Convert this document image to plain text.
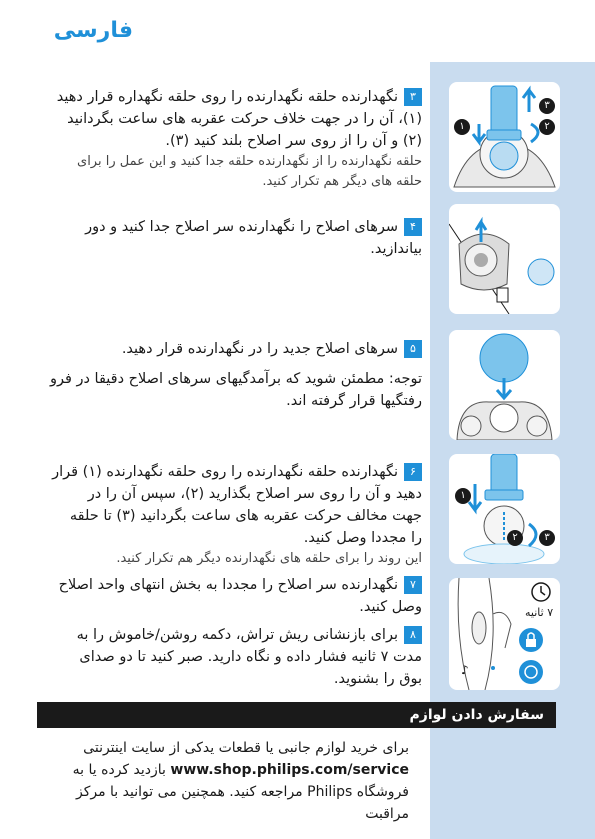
فارسی

۳نگهدارنده حلقه نگهدارنده را روی حلقه نگهداره قرار دهید

(۱)، آن را در جهت خلاف حرکت عقربه های ساعت بگردانید

(۲) و آن را از روی سر اصلاح بلند کنید (۳).

حلقه نگهدارنده را از نگهدارنده حلقه جدا کنید و این عمل را برای

حلقه های دیگر هم تکرار کنید.

۴سرهای اصلاح را نگهدارنده سر اصلاح جدا کنید و دور

بیاندازید.

۵سرهای اصلاح جدید را در نگهدارنده قرار دهید.

توجه: مطمئن شوید که برآمدگیهای سرهای اصلاح دقیقا در فرو

رفتگیها قرار گرفته اند.

۶نگهدارنده حلقه نگهدارنده را روی حلقه نگهدارنده (۱) قرار

دهید و آن را روی سر اصلاح بگذارید (۲)، سپس آن را در

جهت مخالف حرکت عقربه های ساعت بگردانید (۳) تا حلقه

را مجددا وصل کنید.

این روند را برای حلقه های نگهدارنده دیگر هم تکرار کنید.

۷نگهدارنده سر اصلاح را مجددا به بخش انتهای واحد اصلاح

وصل کنید.

۸برای بازنشانی ریش تراش، دکمه روشن/خاموش را به

مدت ۷ ثانیه فشار داده و نگاه دارید. صبر کنید تا دو صدای

بوق را بشنوید.

۱	۲
۳
۱
۲	۳
♪
۷ ثانیه
سفارش دادن لوازم
برای خرید لوازم جانبی یا قطعات یدکی از سایت اینترنتی
www.shop.philips.com/service بازدید کرده یا به
فروشگاه Philips مراجعه کنید. همچنین می توانید با مرکز مراقبت
